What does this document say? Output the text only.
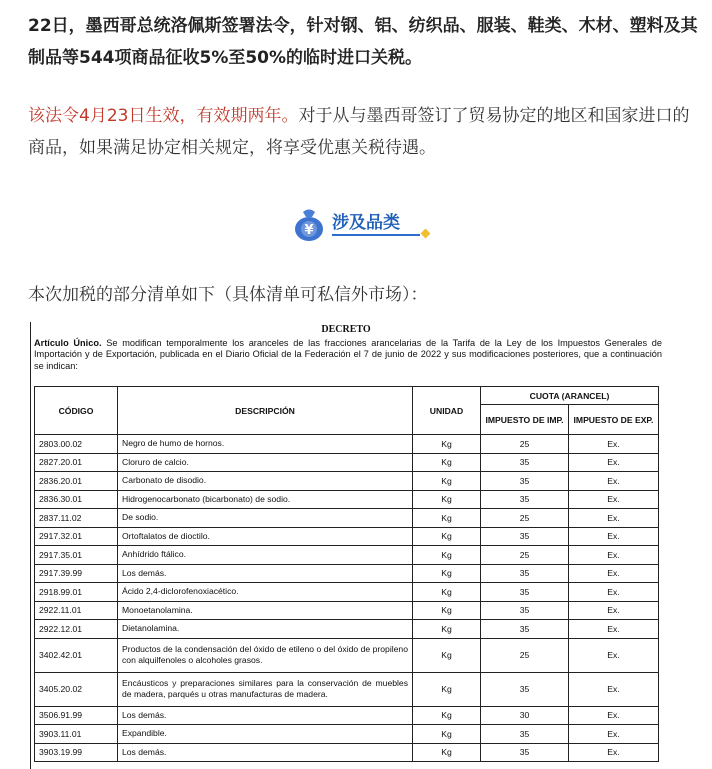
22日，墨西哥总统洛佩斯签署法令，针对钢、铝、纺织品、服装、鞋类、木材、塑料及其制品等544项商品征收5%至50%的临时进口关税。

该法令4月23日生效，有效期两年。对于从与墨西哥签订了贸易协定的地区和国家进口的商品，如果满足协定相关规定，将享受优惠关税待遇。

¥ 涉及品类

本次加税的部分清单如下（具体清单可私信外市场）：

DECRETO
Artículo Único. Se modifican temporalmente los aranceles de las fracciones arancelarias de la Tarifa de la Ley de los Impuestos Generales de Importación y de Exportación, publicada en el Diario Oficial de la Federación el 7 de junio de 2022 y sus modificaciones posteriores, que a continuación se indican:
CÓDIGO	DESCRIPCIÓN	UNIDAD	CUOTA (ARANCEL)	
			IMPUESTO DE IMP.	IMPUESTO DE EXP.
2803.00.02	Negro de humo de hornos.	Kg	25	Ex.
2827.20.01	Cloruro de calcio.	Kg	35	Ex.
2836.20.01	Carbonato de disodio.	Kg	35	Ex.
2836.30.01	Hidrogenocarbonato (bicarbonato) de sodio.	Kg	35	Ex.
2837.11.02	De sodio.	Kg	25	Ex.
2917.32.01	Ortoftalatos de dioctilo.	Kg	35	Ex.
2917.35.01	Anhídrido ftálico.	Kg	25	Ex.
2917.39.99	Los demás.	Kg	35	Ex.
2918.99.01	Ácido 2,4-diclorofenoxiacético.	Kg	35	Ex.
2922.11.01	Monoetanolamina.	Kg	35	Ex.
2922.12.01	Dietanolamina.	Kg	35	Ex.
3402.42.01	Productos de la condensación del óxido de etileno o del óxido de propileno con alquilfenoles o alcoholes grasos.	Kg	25	Ex.
3405.20.02	Encáusticos y preparaciones similares para la conservación de muebles de madera, parqués u otras manufacturas de madera.	Kg	35	Ex.
3506.91.99	Los demás.	Kg	30	Ex.
3903.11.01	Expandible.	Kg	35	Ex.
3903.19.99	Los demás.	Kg	35	Ex.
